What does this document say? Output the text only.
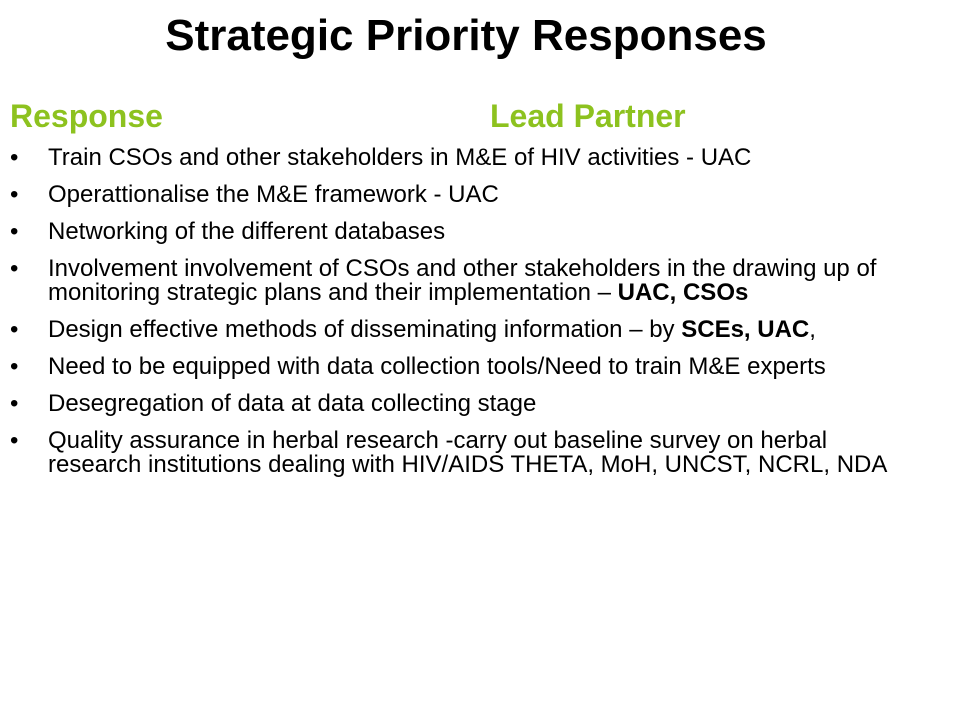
Strategic Priority Responses
Response	Lead Partner
• Train CSOs and other stakeholders in M&E of HIV activities - UAC
• Operattionalise the M&E framework - UAC
• Networking of the different databases
• Involvement involvement of CSOs and other stakeholders in the drawing up of monitoring strategic plans and their implementation – UAC, CSOs
• Design effective methods of disseminating information – by SCEs, UAC,
• Need to be equipped with data collection tools/Need to train M&E experts
• Desegregation of data at data collecting stage
• Quality assurance in herbal research -carry out baseline survey on herbal research institutions dealing with HIV/AIDS THETA, MoH, UNCST, NCRL, NDA
